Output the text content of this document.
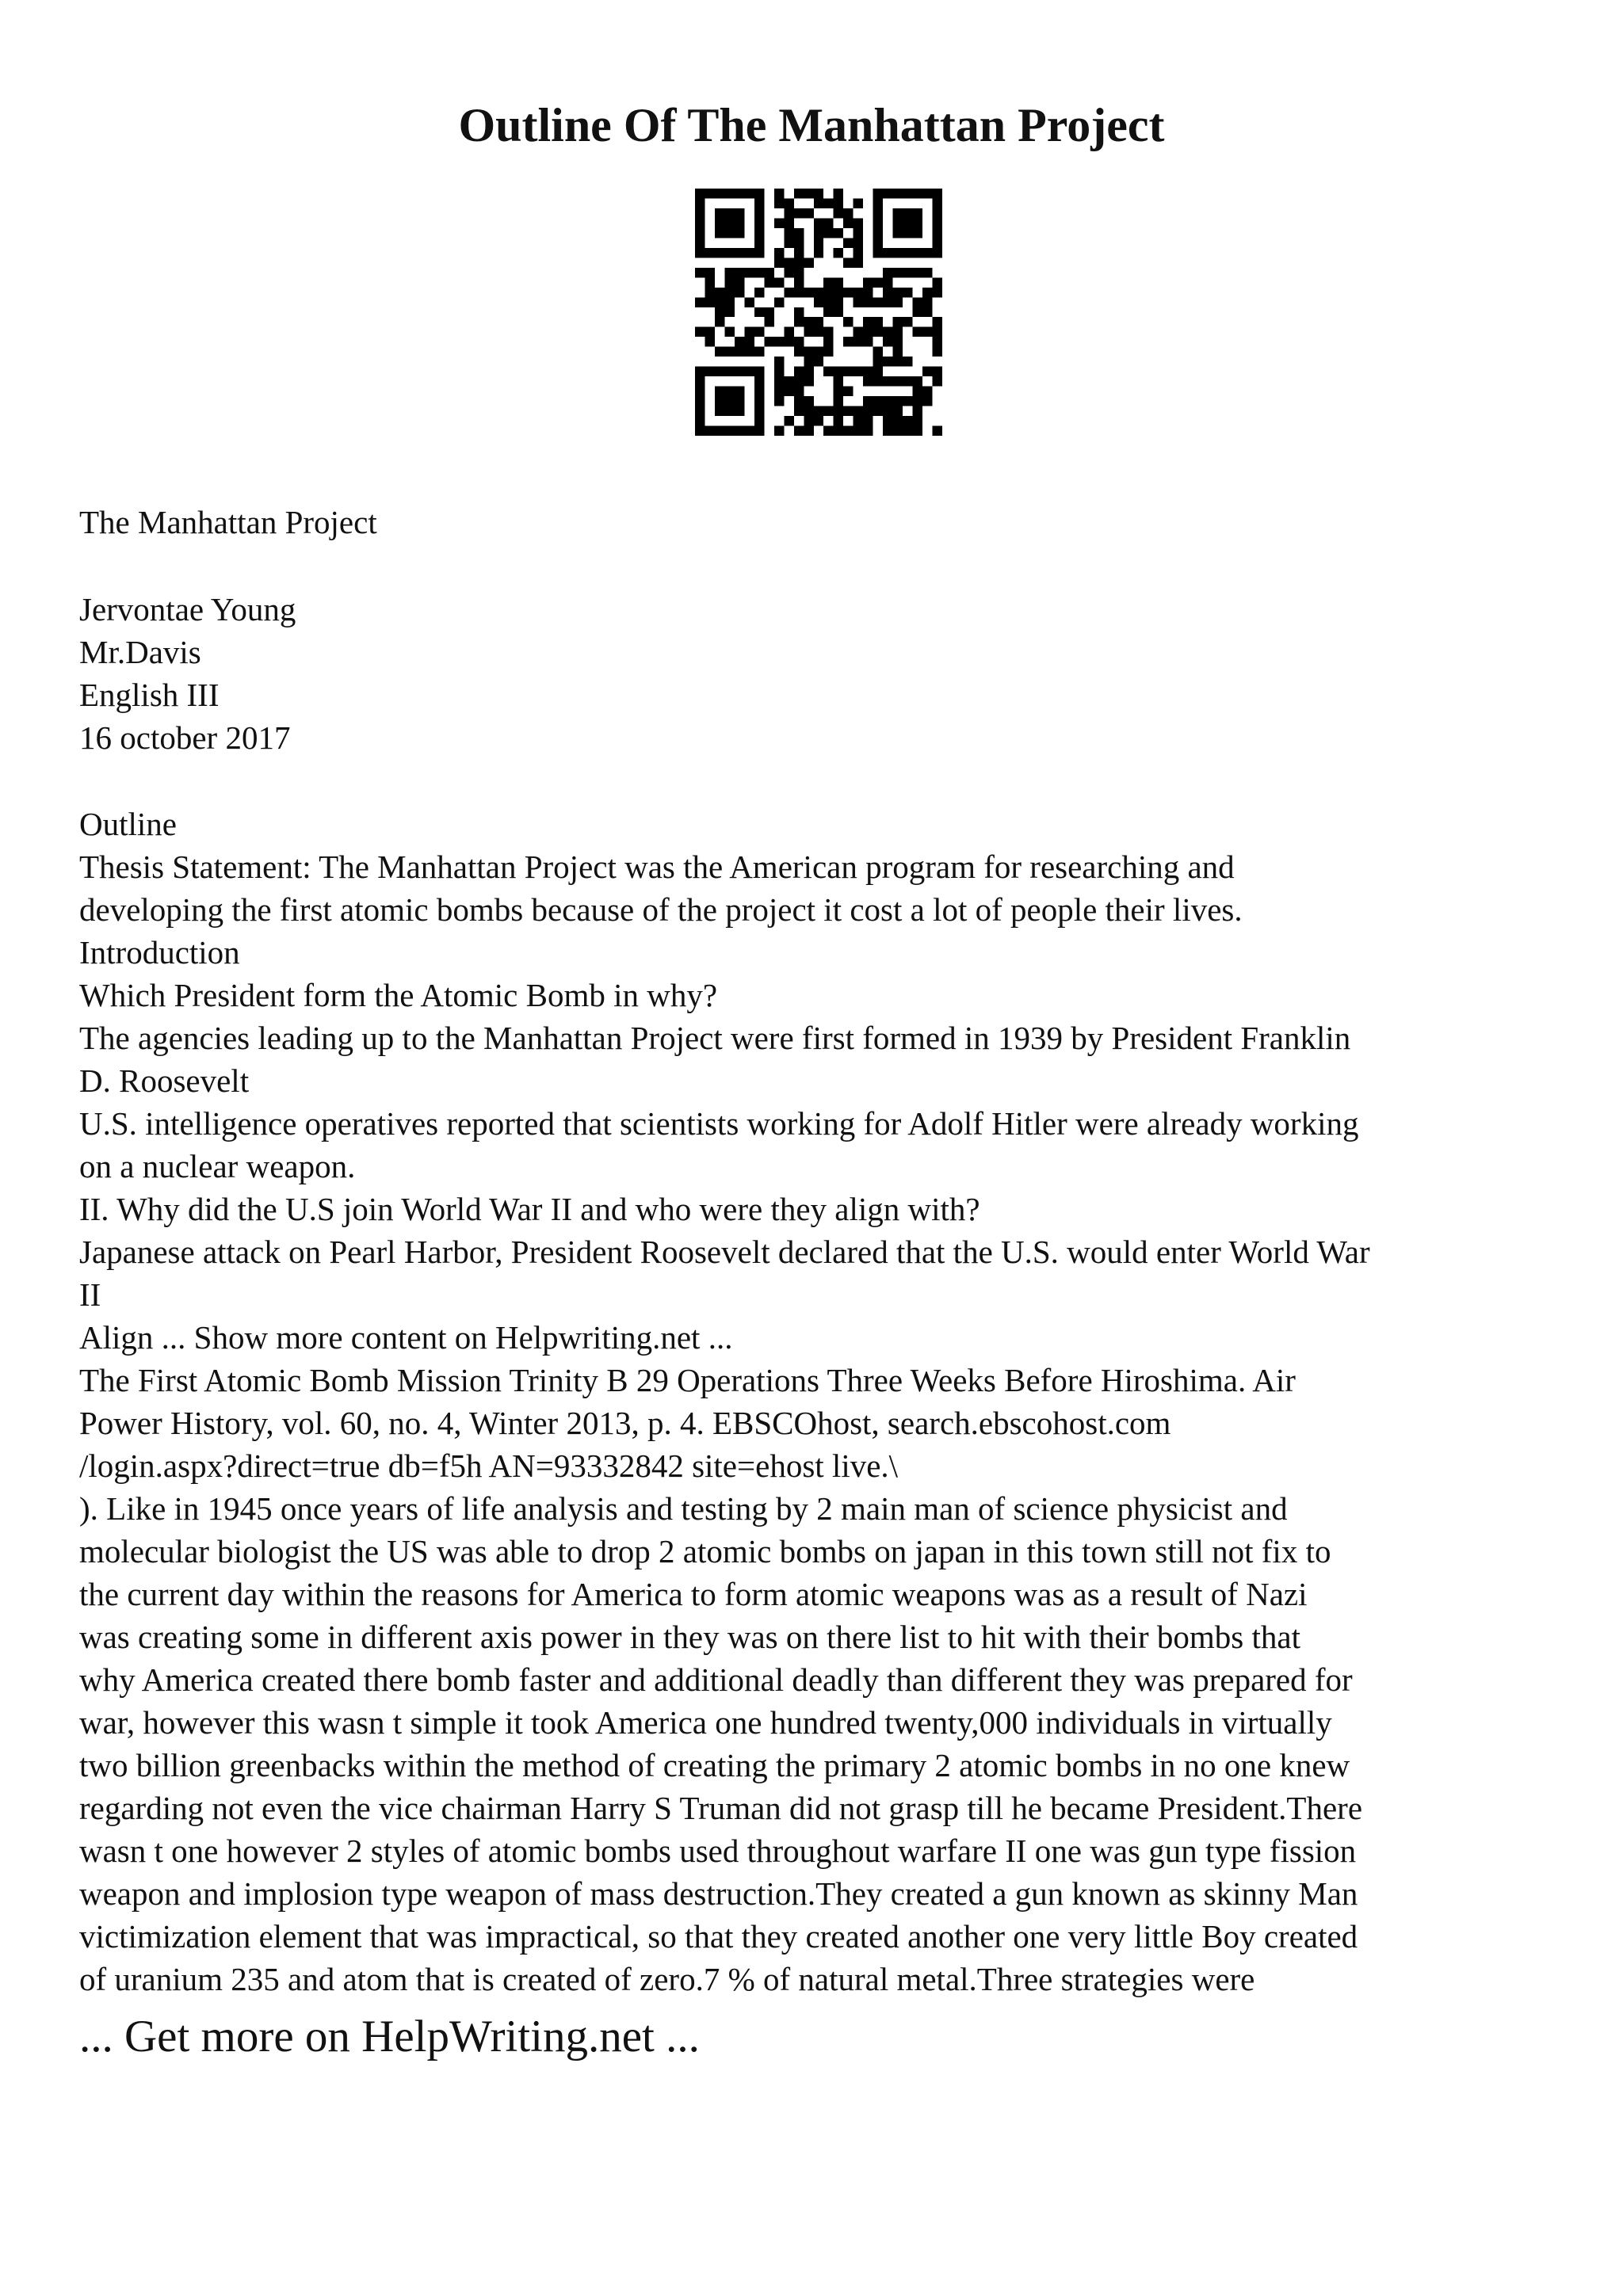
Outline Of The Manhattan Project
The Manhattan Project
Jervontae Young
Mr.Davis
English III
16 october 2017
Outline
Thesis Statement: The Manhattan Project was the American program for researching and
developing the first atomic bombs because of the project it cost a lot of people their lives.
Introduction
Which President form the Atomic Bomb in why?
The agencies leading up to the Manhattan Project were first formed in 1939 by President Franklin
D. Roosevelt
U.S. intelligence operatives reported that scientists working for Adolf Hitler were already working
on a nuclear weapon.
II. Why did the U.S join World War II and who were they align with?
Japanese attack on Pearl Harbor, President Roosevelt declared that the U.S. would enter World War
II
Align ... Show more content on Helpwriting.net ...
The First Atomic Bomb Mission Trinity B 29 Operations Three Weeks Before Hiroshima. Air
Power History, vol. 60, no. 4, Winter 2013, p. 4. EBSCOhost, search.ebscohost.com
/login.aspx?direct=true db=f5h AN=93332842 site=ehost live.\
). Like in 1945 once years of life analysis and testing by 2 main man of science physicist and
molecular biologist the US was able to drop 2 atomic bombs on japan in this town still not fix to
the current day within the reasons for America to form atomic weapons was as a result of Nazi
was creating some in different axis power in they was on there list to hit with their bombs that
why America created there bomb faster and additional deadly than different they was prepared for
war, however this wasn t simple it took America one hundred twenty,000 individuals in virtually
two billion greenbacks within the method of creating the primary 2 atomic bombs in no one knew
regarding not even the vice chairman Harry S Truman did not grasp till he became President.There
wasn t one however 2 styles of atomic bombs used throughout warfare II one was gun type fission
weapon and implosion type weapon of mass destruction.They created a gun known as skinny Man
victimization element that was impractical, so that they created another one very little Boy created
of uranium 235 and atom that is created of zero.7 % of natural metal.Three strategies were
... Get more on HelpWriting.net ...
